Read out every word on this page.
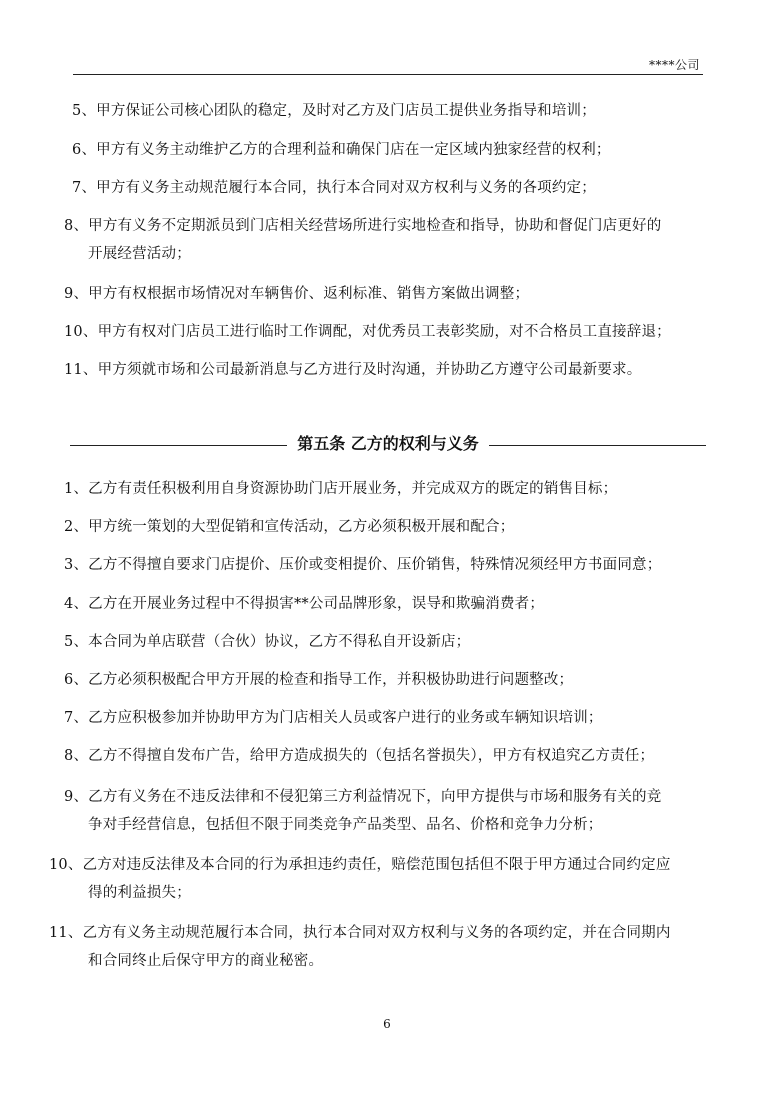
****公司
5、甲方保证公司核心团队的稳定，及时对乙方及门店员工提供业务指导和培训；
6、甲方有义务主动维护乙方的合理利益和确保门店在一定区域内独家经营的权利；
7、甲方有义务主动规范履行本合同，执行本合同对双方权利与义务的各项约定；
8、甲方有义务不定期派员到门店相关经营场所进行实地检查和指导，协助和督促门店更好的
开展经营活动；
9、甲方有权根据市场情况对车辆售价、返利标准、销售方案做出调整；
10、甲方有权对门店员工进行临时工作调配，对优秀员工表彰奖励，对不合格员工直接辞退；
11、甲方须就市场和公司最新消息与乙方进行及时沟通，并协助乙方遵守公司最新要求。
第五条 乙方的权利与义务
1、乙方有责任积极利用自身资源协助门店开展业务，并完成双方的既定的销售目标；
2、甲方统一策划的大型促销和宣传活动，乙方必须积极开展和配合；
3、乙方不得擅自要求门店提价、压价或变相提价、压价销售，特殊情况须经甲方书面同意；
4、乙方在开展业务过程中不得损害**公司品牌形象，误导和欺骗消费者；
5、本合同为单店联营（合伙）协议，乙方不得私自开设新店；
6、乙方必须积极配合甲方开展的检查和指导工作，并积极协助进行问题整改；
7、乙方应积极参加并协助甲方为门店相关人员或客户进行的业务或车辆知识培训；
8、乙方不得擅自发布广告，给甲方造成损失的（包括名誉损失），甲方有权追究乙方责任；
9、乙方有义务在不违反法律和不侵犯第三方利益情况下，向甲方提供与市场和服务有关的竞
争对手经营信息，包括但不限于同类竞争产品类型、品名、价格和竞争力分析；
10、乙方对违反法律及本合同的行为承担违约责任，赔偿范围包括但不限于甲方通过合同约定应
得的利益损失；
11、乙方有义务主动规范履行本合同，执行本合同对双方权利与义务的各项约定，并在合同期内
和合同终止后保守甲方的商业秘密。
6
